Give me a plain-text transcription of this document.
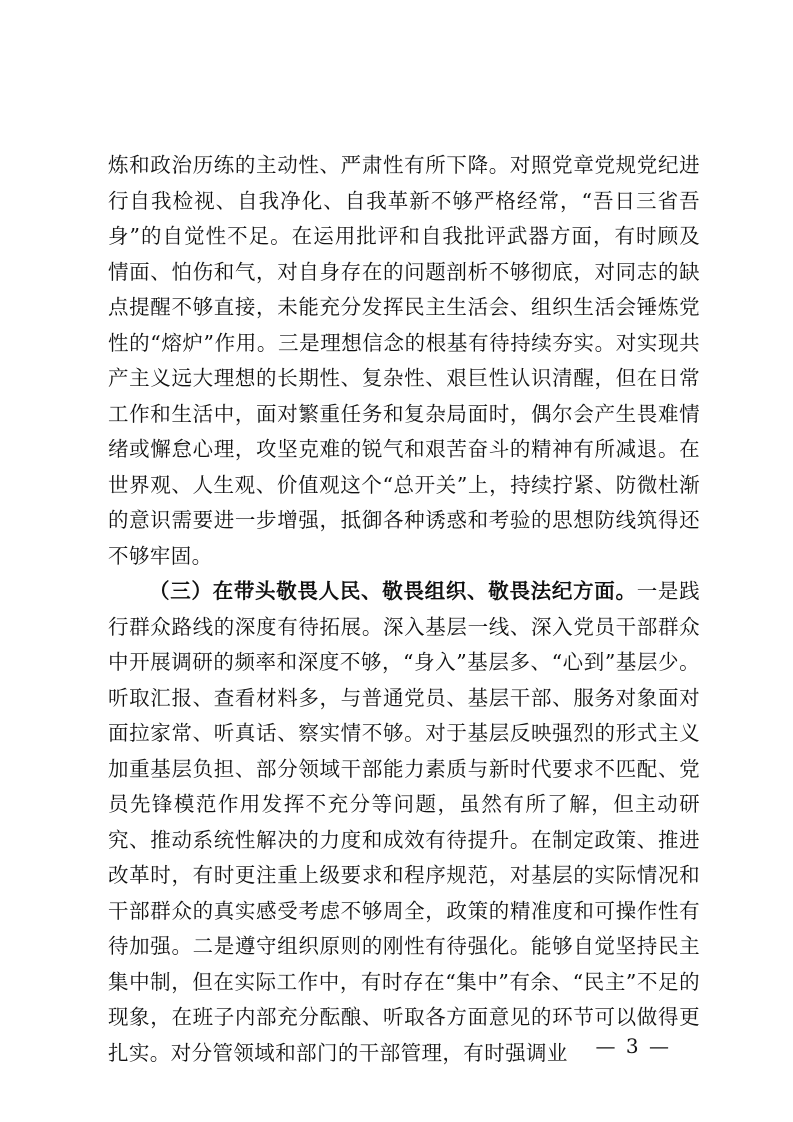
炼和政治历练的主动性、严肃性有所下降。对照党章党规党纪进行自我检视、自我净化、自我革新不够严格经常，“吾日三省吾身”的自觉性不足。在运用批评和自我批评武器方面，有时顾及情面、怕伤和气，对自身存在的问题剖析不够彻底，对同志的缺点提醒不够直接，未能充分发挥民主生活会、组织生活会锤炼党性的“熔炉”作用。三是理想信念的根基有待持续夯实。对实现共产主义远大理想的长期性、复杂性、艰巨性认识清醒，但在日常工作和生活中，面对繁重任务和复杂局面时，偶尔会产生畏难情绪或懈怠心理，攻坚克难的锐气和艰苦奋斗的精神有所减退。在世界观、人生观、价值观这个“总开关”上，持续拧紧、防微杜渐的意识需要进一步增强，抵御各种诱惑和考验的思想防线筑得还不够牢固。

（三）在带头敬畏人民、敬畏组织、敬畏法纪方面。一是践行群众路线的深度有待拓展。深入基层一线、深入党员干部群众中开展调研的频率和深度不够，“身入”基层多、“心到”基层少。听取汇报、查看材料多，与普通党员、基层干部、服务对象面对面拉家常、听真话、察实情不够。对于基层反映强烈的形式主义加重基层负担、部分领域干部能力素质与新时代要求不匹配、党员先锋模范作用发挥不充分等问题，虽然有所了解，但主动研究、推动系统性解决的力度和成效有待提升。在制定政策、推进改革时，有时更注重上级要求和程序规范，对基层的实际情况和干部群众的真实感受考虑不够周全，政策的精准度和可操作性有待加强。二是遵守组织原则的刚性有待强化。能够自觉坚持民主集中制，但在实际工作中，有时存在“集中”有余、“民主”不足的现象，在班子内部充分酝酿、听取各方面意见的环节可以做得更扎实。对分管领域和部门的干部管理，有时强调业	— 3 —
